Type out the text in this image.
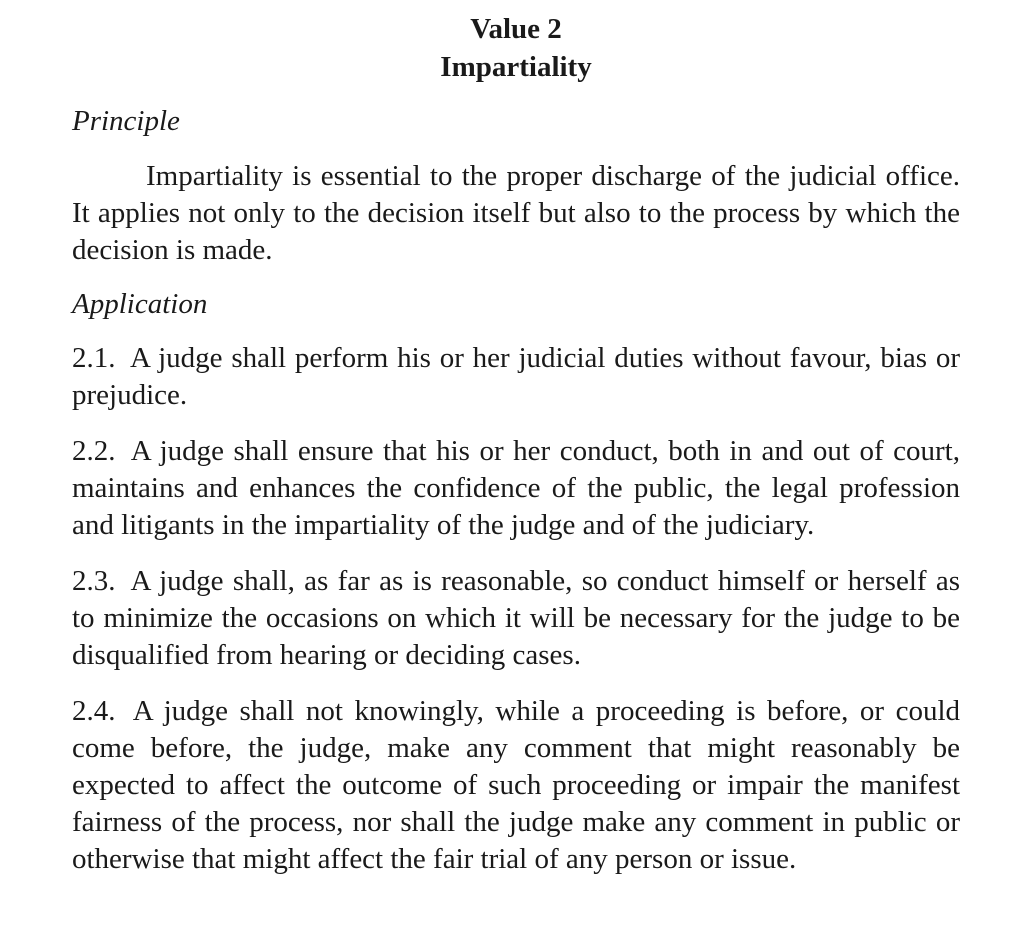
Value 2
Impartiality
Principle
Impartiality is essential to the proper discharge of the judicial office. It applies not only to the decision itself but also to the process by which the decision is made.
Application
2.1.  A judge shall perform his or her judicial duties without favour, bias or prejudice.
2.2.  A judge shall ensure that his or her conduct, both in and out of court, maintains and enhances the confidence of the public, the legal profession and litigants in the impartiality of the judge and of the judiciary.
2.3.  A judge shall, as far as is reasonable, so conduct himself or herself as to minimize the occasions on which it will be necessary for the judge to be disqualified from hearing or deciding cases.
2.4.  A judge shall not knowingly, while a proceeding is before, or could come before, the judge, make any comment that might reasonably be expected to affect the outcome of such proceeding or impair the manifest fairness of the process, nor shall the judge make any comment in public or otherwise that might affect the fair trial of any person or issue.
